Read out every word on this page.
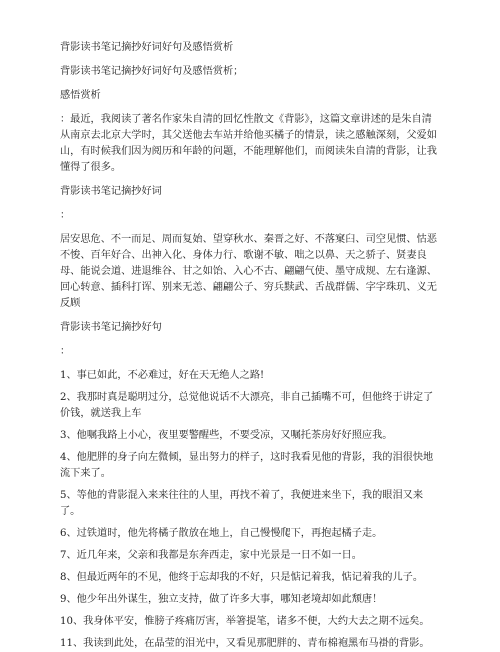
背影读书笔记摘抄好词好句及感悟赏析

背影读书笔记摘抄好词好句及感悟赏析；

感悟赏析

：最近，我阅读了著名作家朱自清的回忆性散文《背影》，这篇文章讲述的是朱自清从南京去北京大学时，其父送他去车站并给他买橘子的情景，读之感触深刻，父爱如山，有时候我们因为阅历和年龄的问题，不能理解他们，而阅读朱自清的背影，让我懂得了很多。

背影读书笔记摘抄好词

：

居安思危、不一而足、周而复始、望穿秋水、秦晋之好、不落窠臼、司空见惯、怙恶不悛、百年好合、出神入化、身体力行、歌谢不敏、咄之以鼻、天之骄子、贤妻良母、能说会道、进退维谷、甘之如饴、入心不古、翩翩气使、墨守成规、左右逢源、回心转意、插科打诨、别来无恙、翩翩公子、穷兵黩武、舌战群儒、字字珠玑、义无反顾

背影读书笔记摘抄好句

：

1、事已如此，不必难过，好在天无绝人之路!

2、我那时真是聪明过分，总觉他说话不大漂亮，非自己插嘴不可，但他终于讲定了价钱，就送我上车

3、他嘱我路上小心，夜里要警醒些，不要受凉，又嘱托茶房好好照应我。

4、他肥胖的身子向左微倾，显出努力的样子，这时我看见他的背影，我的泪很快地流下来了。

5、等他的背影混入来来往往的人里，再找不着了，我便进来坐下，我的眼泪又来了。

6、过铁道时，他先将橘子散放在地上，自己慢慢爬下，再抱起橘子走。

7、近几年来，父亲和我都是东奔西走，家中光景是一日不如一日。

8、但最近两年的不见，他终于忘却我的不好，只是惦记着我，惦记着我的儿子。

9、他少年出外谋生，独立支持，做了许多大事，哪知老境却如此颓唐！

10、我身体平安，惟膀子疼痛厉害，举箸提笔，诸多不便，大约大去之期不远矣。

11、我读到此处，在晶莹的泪光中，又看见那肥胖的、青布棉袍黑布马褂的背影。
